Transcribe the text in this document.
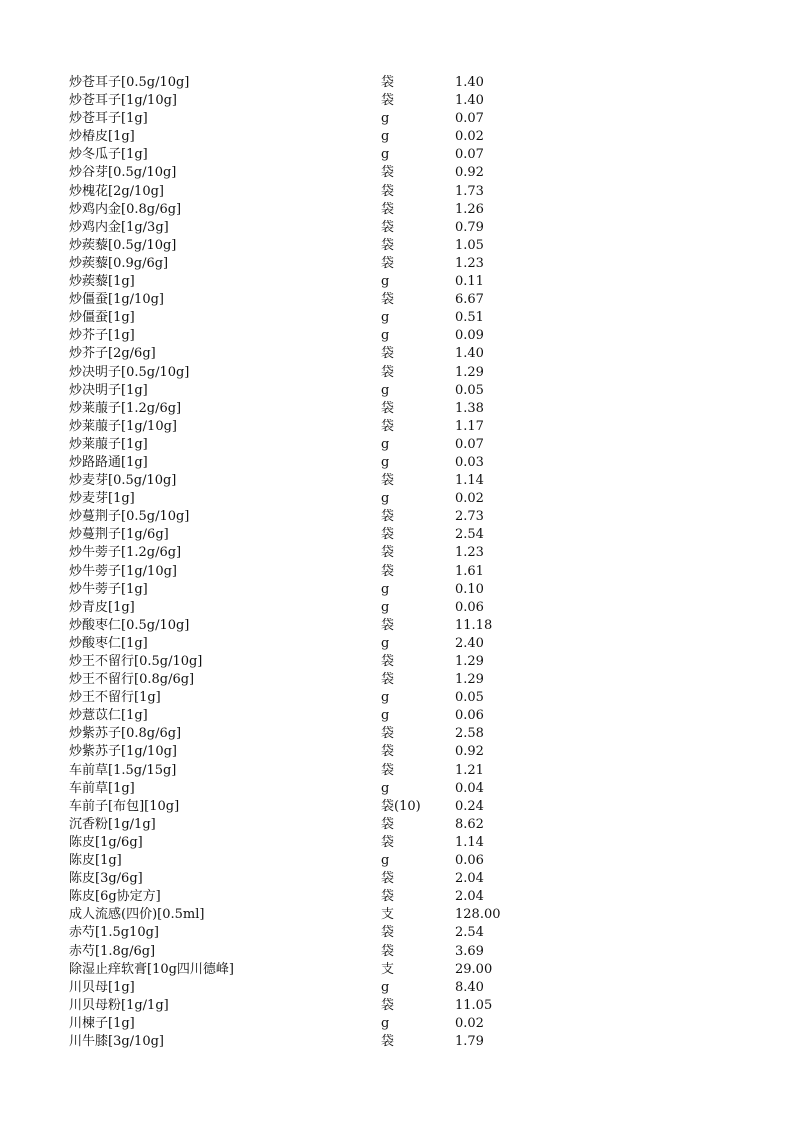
炒苍耳子[0.5g/10g]	袋	1.40
炒苍耳子[1g/10g]	袋	1.40
炒苍耳子[1g]	g	0.07
炒椿皮[1g]	g	0.02
炒冬瓜子[1g]	g	0.07
炒谷芽[0.5g/10g]	袋	0.92
炒槐花[2g/10g]	袋	1.73
炒鸡内金[0.8g/6g]	袋	1.26
炒鸡内金[1g/3g]	袋	0.79
炒蒺藜[0.5g/10g]	袋	1.05
炒蒺藜[0.9g/6g]	袋	1.23
炒蒺藜[1g]	g	0.11
炒僵蚕[1g/10g]	袋	6.67
炒僵蚕[1g]	g	0.51
炒芥子[1g]	g	0.09
炒芥子[2g/6g]	袋	1.40
炒决明子[0.5g/10g]	袋	1.29
炒决明子[1g]	g	0.05
炒莱菔子[1.2g/6g]	袋	1.38
炒莱菔子[1g/10g]	袋	1.17
炒莱菔子[1g]	g	0.07
炒路路通[1g]	g	0.03
炒麦芽[0.5g/10g]	袋	1.14
炒麦芽[1g]	g	0.02
炒蔓荆子[0.5g/10g]	袋	2.73
炒蔓荆子[1g/6g]	袋	2.54
炒牛蒡子[1.2g/6g]	袋	1.23
炒牛蒡子[1g/10g]	袋	1.61
炒牛蒡子[1g]	g	0.10
炒青皮[1g]	g	0.06
炒酸枣仁[0.5g/10g]	袋	11.18
炒酸枣仁[1g]	g	2.40
炒王不留行[0.5g/10g]	袋	1.29
炒王不留行[0.8g/6g]	袋	1.29
炒王不留行[1g]	g	0.05
炒薏苡仁[1g]	g	0.06
炒紫苏子[0.8g/6g]	袋	2.58
炒紫苏子[1g/10g]	袋	0.92
车前草[1.5g/15g]	袋	1.21
车前草[1g]	g	0.04
车前子[布包][10g]	袋(10)	0.24
沉香粉[1g/1g]	袋	8.62
陈皮[1g/6g]	袋	1.14
陈皮[1g]	g	0.06
陈皮[3g/6g]	袋	2.04
陈皮[6g协定方]	袋	2.04
成人流感(四价)[0.5ml]	支	128.00
赤芍[1.5g10g]	袋	2.54
赤芍[1.8g/6g]	袋	3.69
除湿止痒软膏[10g四川德峰]	支	29.00
川贝母[1g]	g	8.40
川贝母粉[1g/1g]	袋	11.05
川楝子[1g]	g	0.02
川牛膝[3g/10g]	袋	1.79
